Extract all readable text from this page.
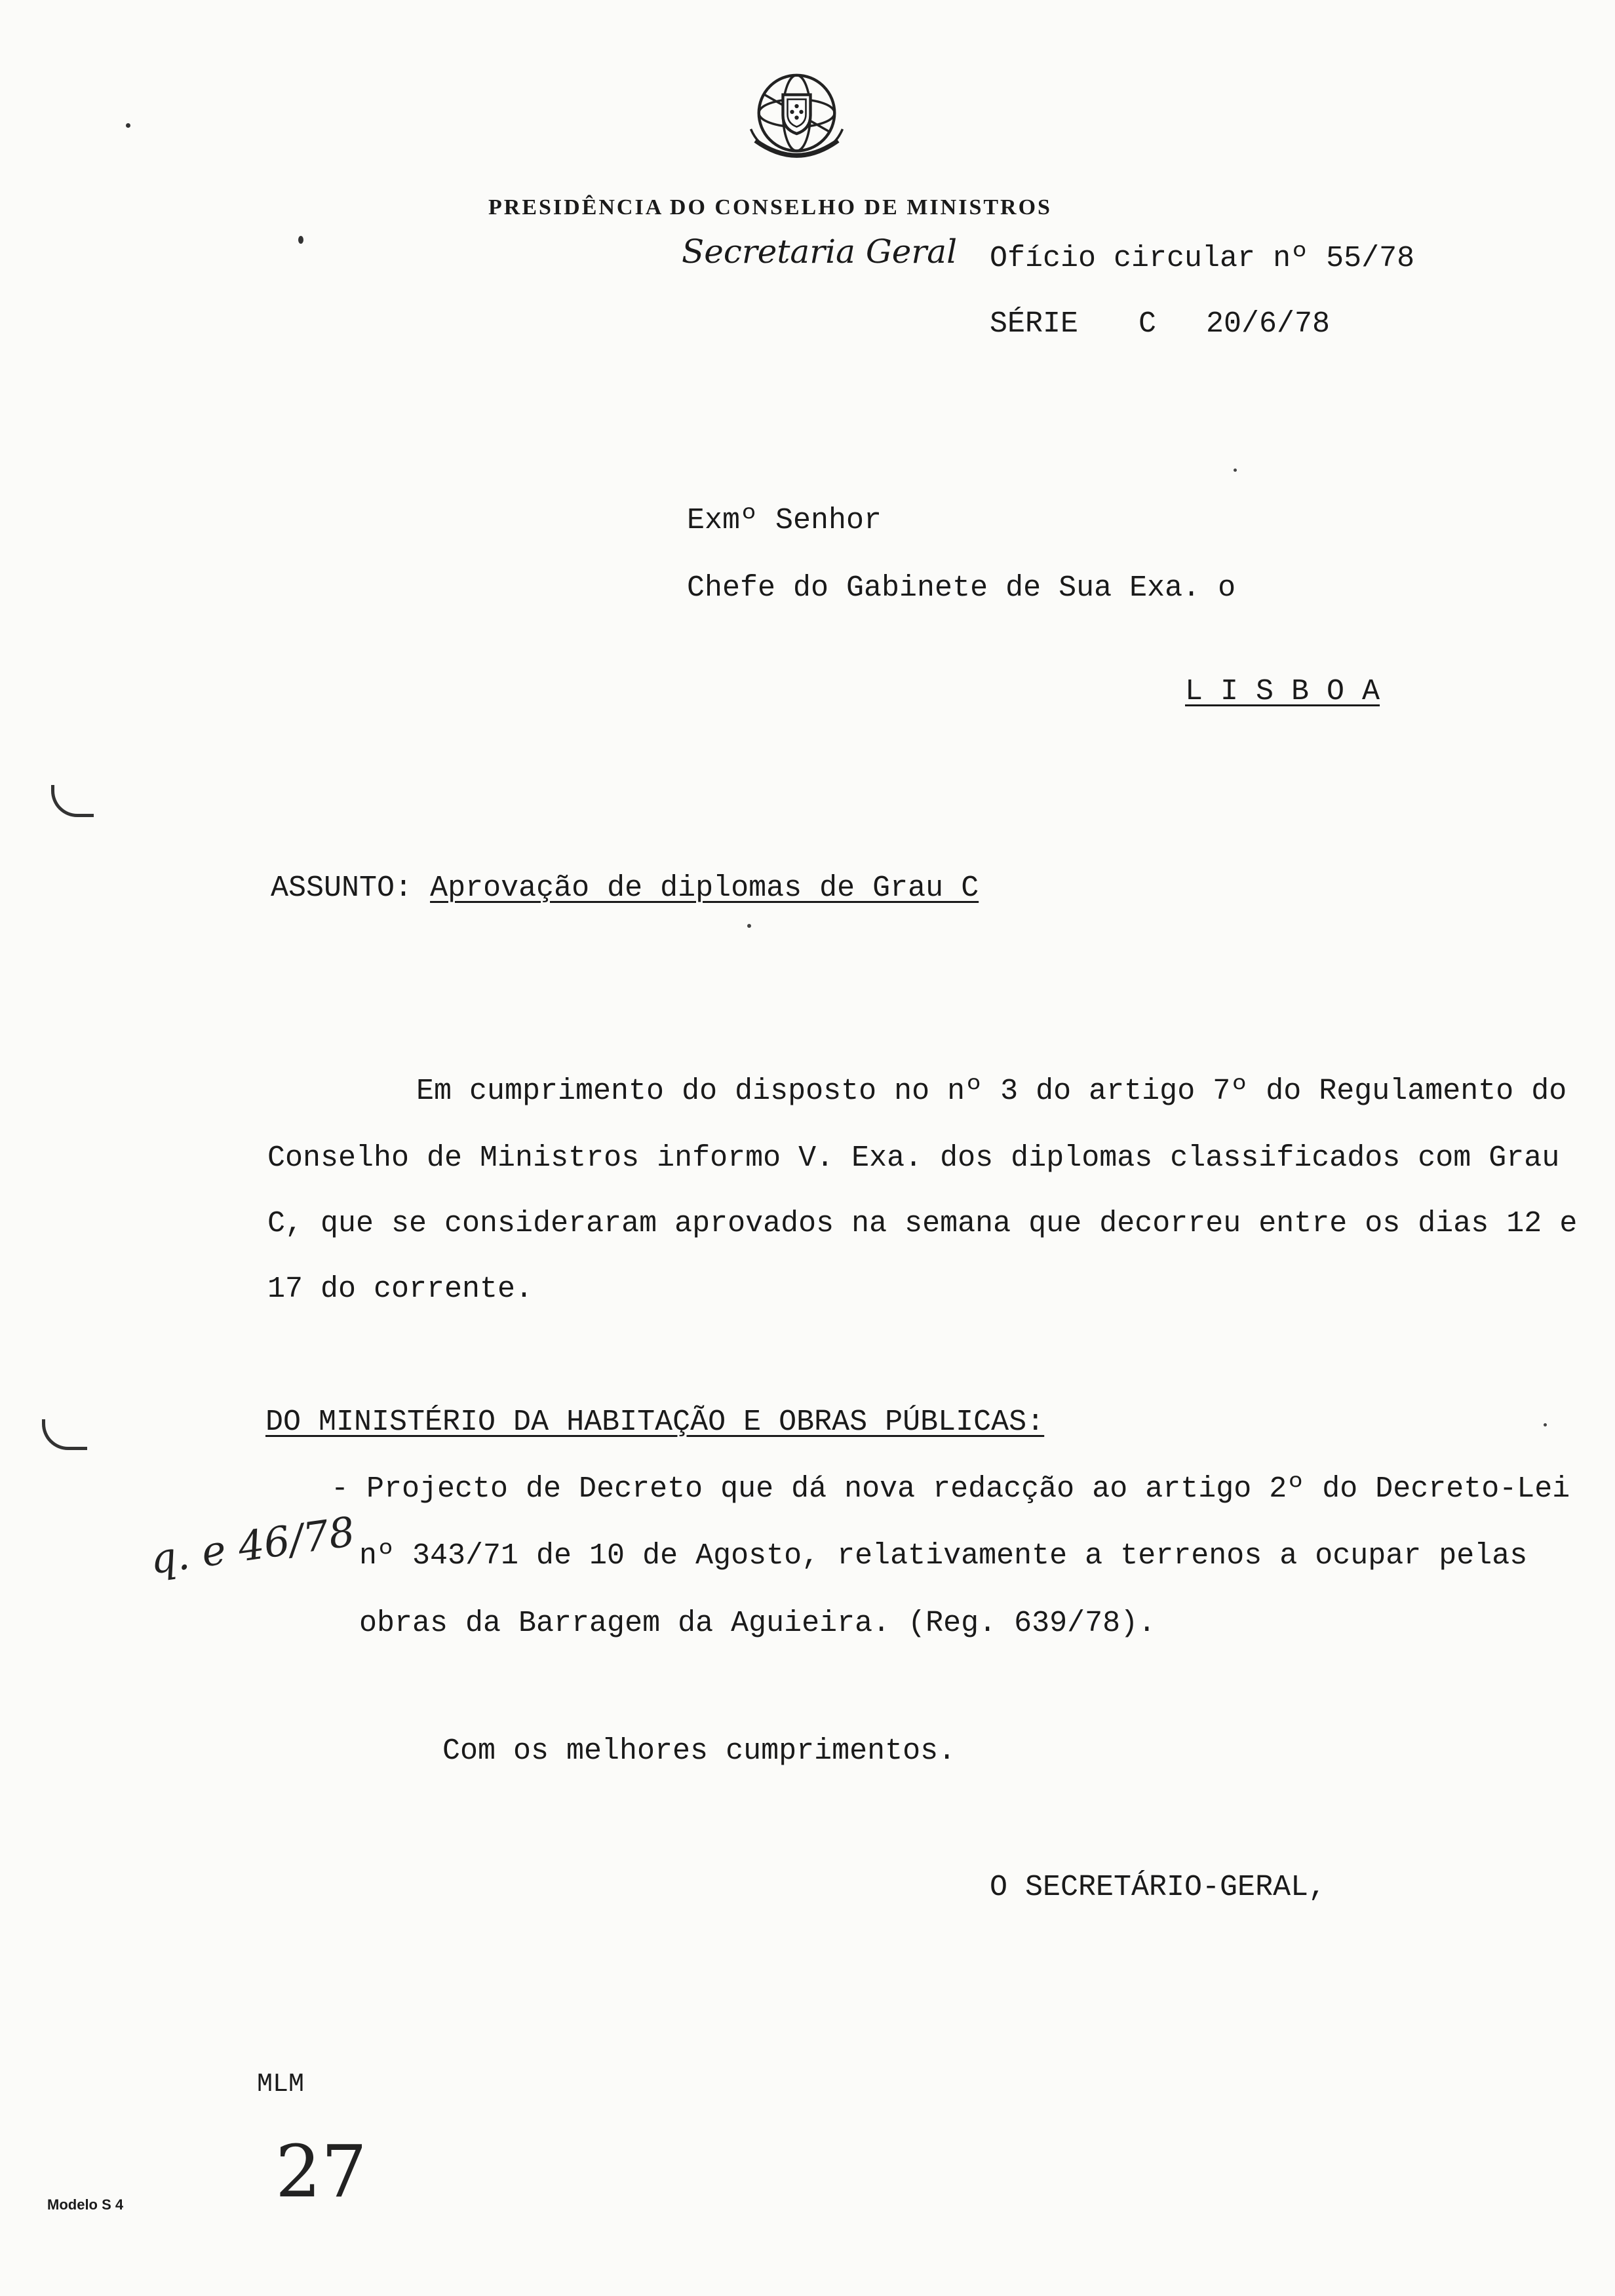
PRESIDÊNCIA DO CONSELHO DE MINISTROS
Secretaria Geral Ofício circular nº 55/78
SÉRIE C 20/6/78
Exmº Senhor
Chefe do Gabinete de Sua Exa. o
L I S B O A
ASSUNTO: Aprovação de diplomas de Grau C
Em cumprimento do disposto no nº 3 do artigo 7º do Regulamento do
Conselho de Ministros informo V. Exa. dos diplomas classificados com Grau
C, que se consideraram aprovados na semana que decorreu entre os dias 12 e
17 do corrente.
DO MINISTÉRIO DA HABITAÇÃO E OBRAS PÚBLICAS:
- Projecto de Decreto que dá nova redacção ao artigo 2º do Decreto-Lei
nº 343/71 de 10 de Agosto, relativamente a terrenos a ocupar pelas
obras da Barragem da Aguieira. (Reg. 639/78).
q. e 46/78
Com os melhores cumprimentos.
O SECRETÁRIO-GERAL,
MLM
27
Modelo S 4
